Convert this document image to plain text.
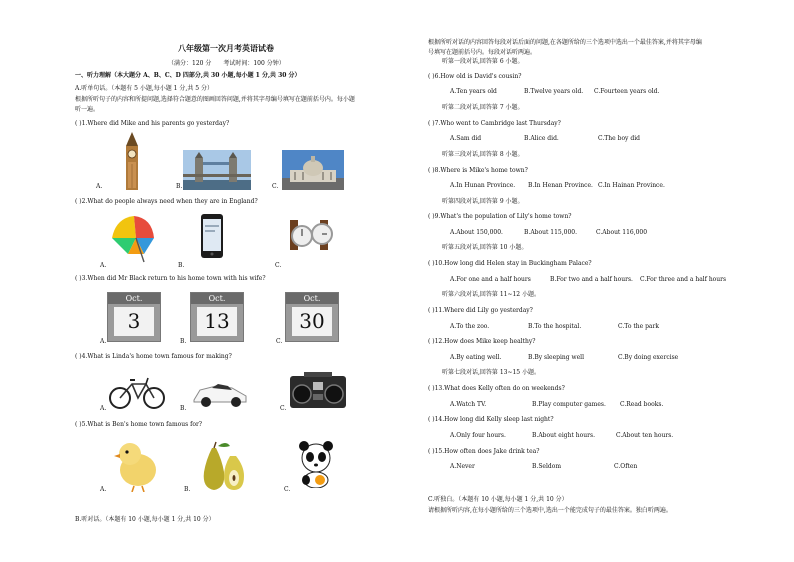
八年级第一次月考英语试卷
（满分：120 分　　考试时间：100 分钟）
一、听力理解（本大题分 A、B、C、D 四部分,共 30 小题,每小题 1 分,共 30 分）
A.听单句话。（本题有 5 小题,每小题 1 分,共 5 分）
根据所听句子的内容和所提问题,选择符合题意的图画回答问题,并将其字母编号填写在题前括号内。每小题
听一遍。
( )1.Where did Mike and his parents go yesterday?
A.	B.	C.
( )2.What do people always need when they are in England?
A.	B.	C.
( )3.When did Mr Black return to his home town with his wife?
Oct.
3
A.
Oct.
13
B.
Oct.
30
C.
( )4.What is Linda's home town famous for making?
A.	B.	C.
( )5.What is Ben's home town famous for?
A.	B.	C.
B.听对话。（本题有 10 小题,每小题 1 分,共 10 分）
根据所听对话的内容回答每段对话后面的问题,在各题所给的三个选项中选出一个最佳答案,并将其字母编
号填写在题前括号内。每段对话听两遍。
听第一段对话,回答第 6 小题。
( )6.How old is David's cousin?
A.Ten years old	B.Twelve years old. C.Fourteen years old.
听第二段对话,回答第 7 小题。
( )7.Who went to Cambridge last Thursday?
A.Sam did	B.Alice did.	C.The boy did
听第三段对话,回答第 8 小题。
( )8.Where is Mike's home town?
A.In Hunan Province. B.In Henan Province. C.In Hainan Province.
听第四段对话,回答第 9 小题。
( )9.What's the population of Lily's home town?
A.About 150,000.	B.About 115,000.	C.About 116,000
听第五段对话,回答第 10 小题。
( )10.How long did Helen stay in Buckingham Palace?
A.For one and a half hours	B.For two and a half hours. C.For three and a half hours
听第六段对话,回答第 11~12 小题。
( )11.Where did Lily go yesterday?
A.To the zoo.	B.To the hospital.	C.To the park
( )12.How does Mike keep healthy?
A.By eating well.	B.By sleeping well	C.By doing exercise
听第七段对话,回答第 13~15 小题。
( )13.What does Kelly often do on weekends?
A.Watch TV.	B.Play computer games. C.Read books.
( )14.How long did Kelly sleep last night?
A.Only four hours.	B.About eight hours.	C.About ten hours.
( )15.How often does Jake drink tea?
A.Never	B.Seldom	C.Often
C.听独白。（本题有 10 小题,每小题 1 分,共 10 分）
请根据所听内容,在每小题所给的三个选项中,选出一个能完成句子的最佳答案。独白听两遍。
